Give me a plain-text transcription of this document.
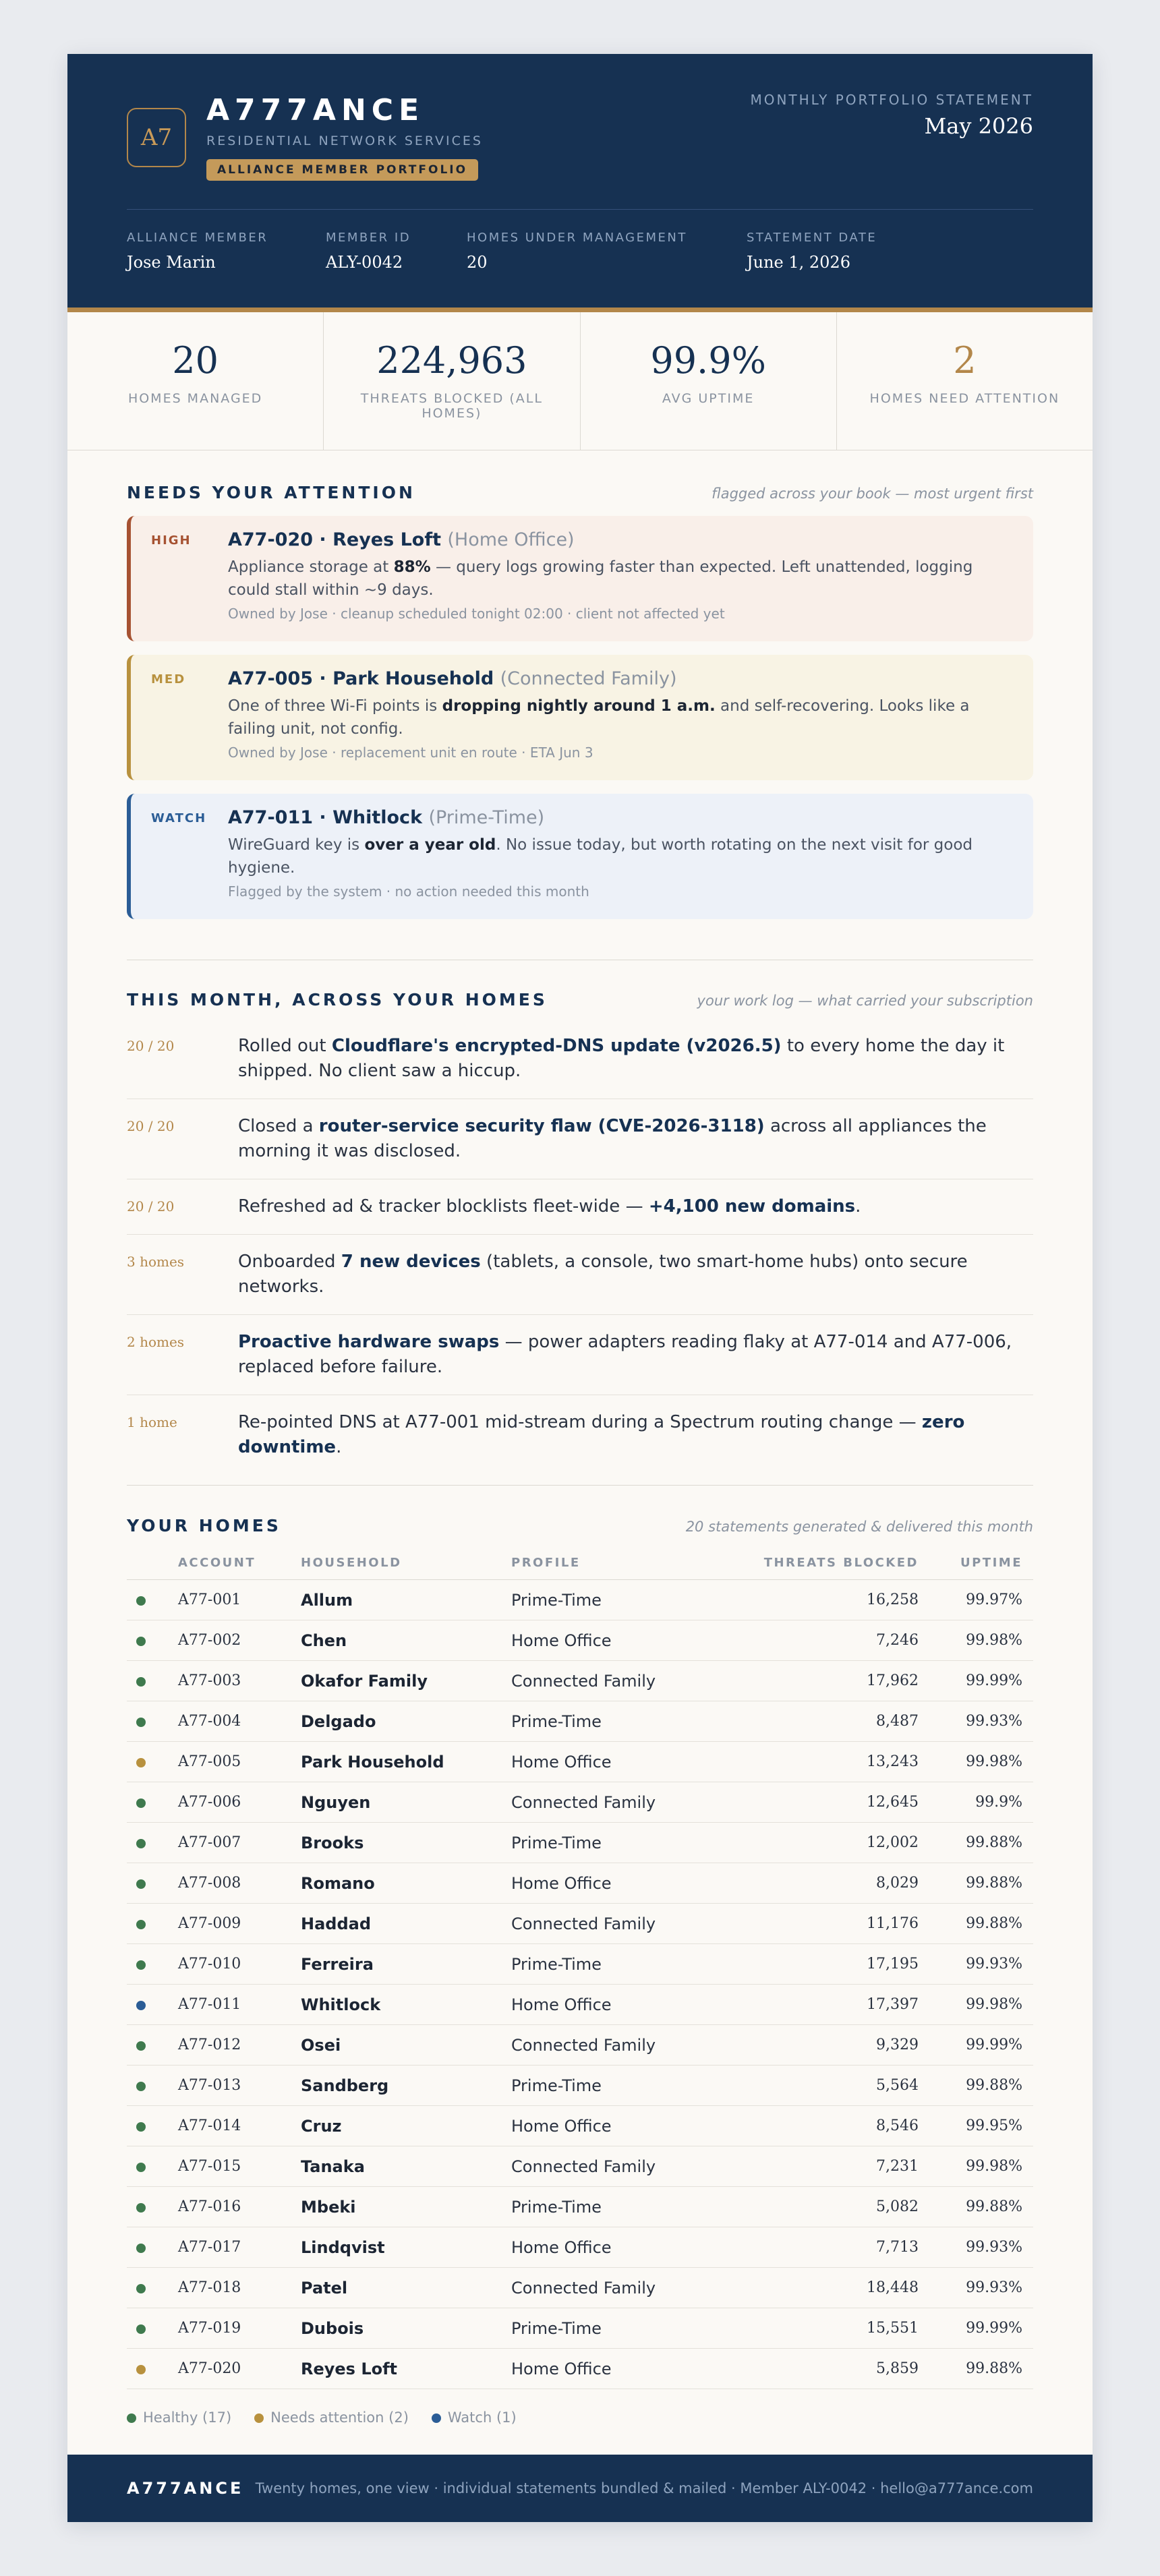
A7
A777ANCE
RESIDENTIAL NETWORK SERVICES
ALLIANCE MEMBER PORTFOLIO
MONTHLY PORTFOLIO STATEMENT
May 2026
ALLIANCE MEMBER
Jose Marin
MEMBER ID
ALY-0042
HOMES UNDER MANAGEMENT
20
STATEMENT DATE
June 1, 2026
20
HOMES MANAGED
224,963
THREATS BLOCKED (ALL HOMES)
99.9%
AVG UPTIME
2
HOMES NEED ATTENTION
NEEDS YOUR ATTENTION	flagged across your book — most urgent first
HIGH A77-020 · Reyes Loft (Home Office)
Appliance storage at 88% — query logs growing faster than expected. Left unattended, logging could stall within ~9 days.
Owned by Jose · cleanup scheduled tonight 02:00 · client not affected yet
MED A77-005 · Park Household (Connected Family)
One of three Wi-Fi points is dropping nightly around 1 a.m. and self-recovering. Looks like a failing unit, not config.
Owned by Jose · replacement unit en route · ETA Jun 3
WATCH A77-011 · Whitlock (Prime-Time)
WireGuard key is over a year old. No issue today, but worth rotating on the next visit for good hygiene.
Flagged by the system · no action needed this month
THIS MONTH, ACROSS YOUR HOMES	your work log — what carried your subscription
20 / 20	Rolled out Cloudflare's encrypted-DNS update (v2026.5) to every home the day it shipped. No client saw a hiccup.
20 / 20	Closed a router-service security flaw (CVE-2026-3118) across all appliances the morning it was disclosed.
20 / 20	Refreshed ad & tracker blocklists fleet-wide — +4,100 new domains.
3 homes	Onboarded 7 new devices (tablets, a console, two smart-home hubs) onto secure networks.
2 homes	Proactive hardware swaps — power adapters reading flaky at A77-014 and A77-006, replaced before failure.
1 home	Re-pointed DNS at A77-001 mid-stream during a Spectrum routing change — zero downtime.
YOUR HOMES	20 statements generated & delivered this month
	ACCOUNT	HOUSEHOLD	PROFILE	THREATS BLOCKED	UPTIME
	A77-001	Allum	Prime-Time	16,258	99.97%
	A77-002	Chen	Home Office	7,246	99.98%
	A77-003	Okafor Family	Connected Family	17,962	99.99%
	A77-004	Delgado	Prime-Time	8,487	99.93%
	A77-005	Park Household	Home Office	13,243	99.98%
	A77-006	Nguyen	Connected Family	12,645	99.9%
	A77-007	Brooks	Prime-Time	12,002	99.88%
	A77-008	Romano	Home Office	8,029	99.88%
	A77-009	Haddad	Connected Family	11,176	99.88%
	A77-010	Ferreira	Prime-Time	17,195	99.93%
	A77-011	Whitlock	Home Office	17,397	99.98%
	A77-012	Osei	Connected Family	9,329	99.99%
	A77-013	Sandberg	Prime-Time	5,564	99.88%
	A77-014	Cruz	Home Office	8,546	99.95%
	A77-015	Tanaka	Connected Family	7,231	99.98%
	A77-016	Mbeki	Prime-Time	5,082	99.88%
	A77-017	Lindqvist	Home Office	7,713	99.93%
	A77-018	Patel	Connected Family	18,448	99.93%
	A77-019	Dubois	Prime-Time	15,551	99.99%
	A77-020	Reyes Loft	Home Office	5,859	99.88%
Healthy (17)	Needs attention (2)	Watch (1)
A777ANCE Twenty homes, one view · individual statements bundled & mailed · Member ALY-0042 · hello@a777ance.com
